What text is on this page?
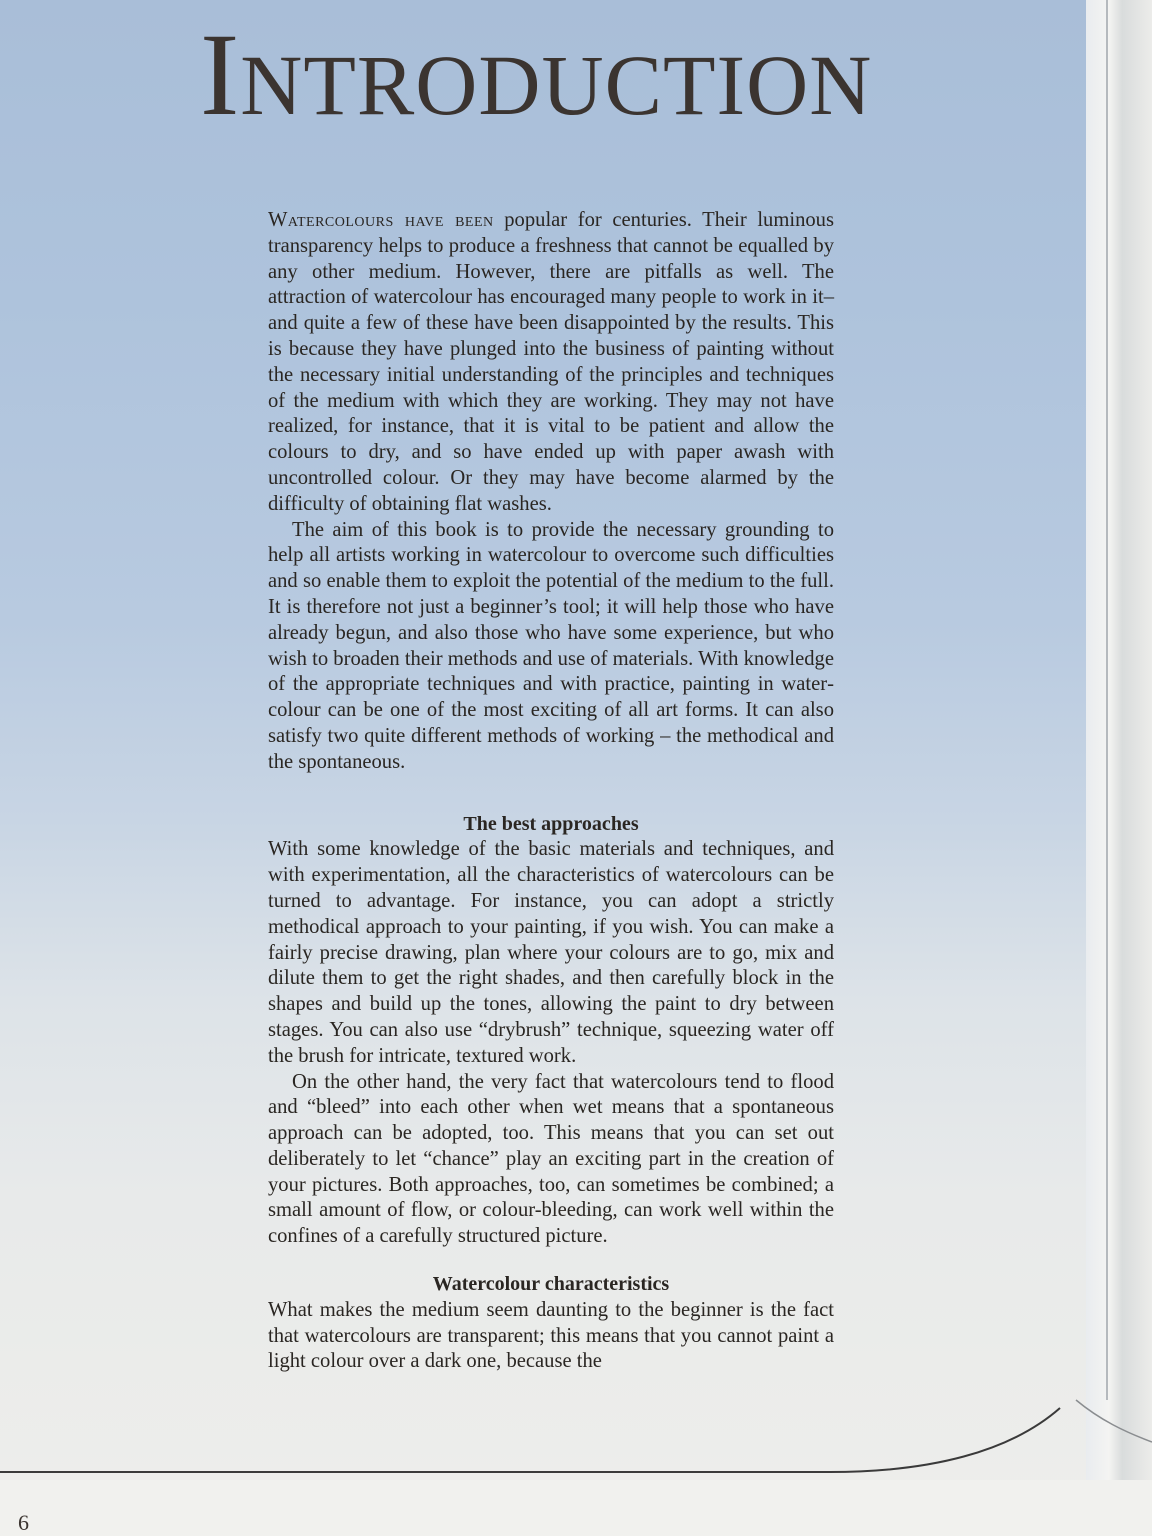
INTRODUCTION

Watercolours have been popular for centuries. Their luminous transparency helps to produce a freshness that cannot be equalled by any other medium. However, there are pitfalls as well. The attraction of watercolour has encouraged many people to work in it–and quite a few of these have been disappointed by the results. This is because they have plunged into the business of painting without the necessary initial understanding of the principles and techniques of the medium with which they are working. They may not have realized, for instance, that it is vital to be patient and allow the colours to dry, and so have ended up with paper awash with uncontrolled colour. Or they may have become alarmed by the difficulty of obtaining flat washes.

The aim of this book is to provide the necessary grounding to help all artists working in watercolour to overcome such difficulties and so enable them to exploit the potential of the medium to the full. It is therefore not just a beginner’s tool; it will help those who have already begun, and also those who have some experience, but who wish to broaden their methods and use of materials. With knowledge of the appropriate techniques and with practice, painting in watercolour can be one of the most exciting of all art forms. It can also satisfy two quite different methods of working – the methodical and the spontaneous.

The best approaches

With some knowledge of the basic materials and techniques, and with experimentation, all the characteristics of watercolours can be turned to advantage. For instance, you can adopt a strictly methodical approach to your painting, if you wish. You can make a fairly precise drawing, plan where your colours are to go, mix and dilute them to get the right shades, and then carefully block in the shapes and build up the tones, allowing the paint to dry between stages. You can also use “drybrush” technique, squeezing water off the brush for intricate, textured work.

On the other hand, the very fact that watercolours tend to flood and “bleed” into each other when wet means that a spontaneous approach can be adopted, too. This means that you can set out deliberately to let “chance” play an exciting part in the creation of your pictures. Both approaches, too, can sometimes be combined; a small amount of flow, or colour-bleeding, can work well within the confines of a carefully structured picture.

Watercolour characteristics

What makes the medium seem daunting to the beginner is the fact that watercolours are transparent; this means that you cannot paint a light colour over a dark one, because the

6
